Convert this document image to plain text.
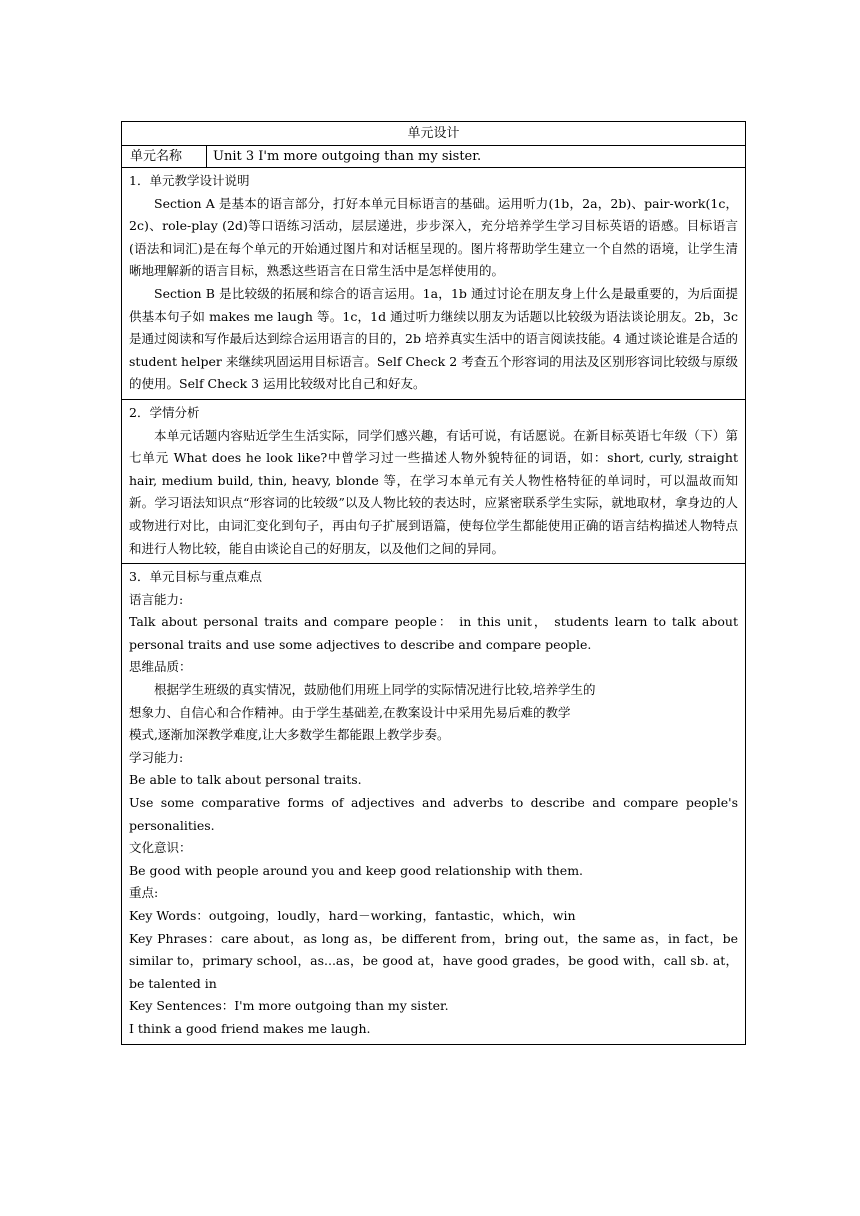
单元设计
单元名称	Unit 3 I'm more outgoing than my sister.

1．单元教学设计说明

Section A 是基本的语言部分，打好本单元目标语言的基础。运用听力(1b，2a，2b)、pair-work(1c，2c)、role-play (2d)等口语练习活动，层层递进，步步深入，充分培养学生学习目标英语的语感。目标语言(语法和词汇)是在每个单元的开始通过图片和对话框呈现的。图片将帮助学生建立一个自然的语境，让学生清晰地理解新的语言目标，熟悉这些语言在日常生活中是怎样使用的。

Section B 是比较级的拓展和综合的语言运用。1a，1b 通过讨论在朋友身上什么是最重要的，为后面提供基本句子如 makes me laugh 等。1c，1d 通过听力继续以朋友为话题以比较级为语法谈论朋友。2b，3c 是通过阅读和写作最后达到综合运用语言的目的，2b 培养真实生活中的语言阅读技能。4 通过谈论谁是合适的 student helper 来继续巩固运用目标语言。Self Check 2 考查五个形容词的用法及区别形容词比较级与原级的使用。Self Check 3 运用比较级对比自己和好友。

2．学情分析

本单元话题内容贴近学生生活实际，同学们感兴趣，有话可说，有话愿说。在新目标英语七年级（下）第七单元 What does he look like?中曾学习过一些描述人物外貌特征的词语，如：short, curly, straight hair, medium build, thin, heavy, blonde 等，在学习本单元有关人物性格特征的单词时，可以温故而知新。学习语法知识点“形容词的比较级”以及人物比较的表达时，应紧密联系学生实际，就地取材，拿身边的人或物进行对比，由词汇变化到句子，再由句子扩展到语篇，使每位学生都能使用正确的语言结构描述人物特点和进行人物比较，能自由谈论自己的好朋友，以及他们之间的异同。

3．单元目标与重点难点

语言能力:

Talk about personal traits and compare people： in this unit， students learn to talk about personal traits and use some adjectives to describe and compare people.

思维品质：

根据学生班级的真实情况，鼓励他们用班上同学的实际情况进行比较,培养学生的

想象力、自信心和合作精神。由于学生基础差,在教案设计中采用先易后难的教学

模式,逐渐加深教学难度,让大多数学生都能跟上教学步奏。

学习能力:

Be able to talk about personal traits.

Use some comparative forms of adjectives and adverbs to describe and compare people's personalities.

文化意识：

Be good with people around you and keep good relationship with them.

重点:

Key Words：outgoing，loudly，hard－working，fantastic，which，win

Key Phrases：care about，as long as，be different from，bring out，the same as，in fact，be similar to，primary school，as...as，be good at，have good grades，be good with，call sb. at，be talented in

Key Sentences：I'm more outgoing than my sister.

I think a good friend makes me laugh.
